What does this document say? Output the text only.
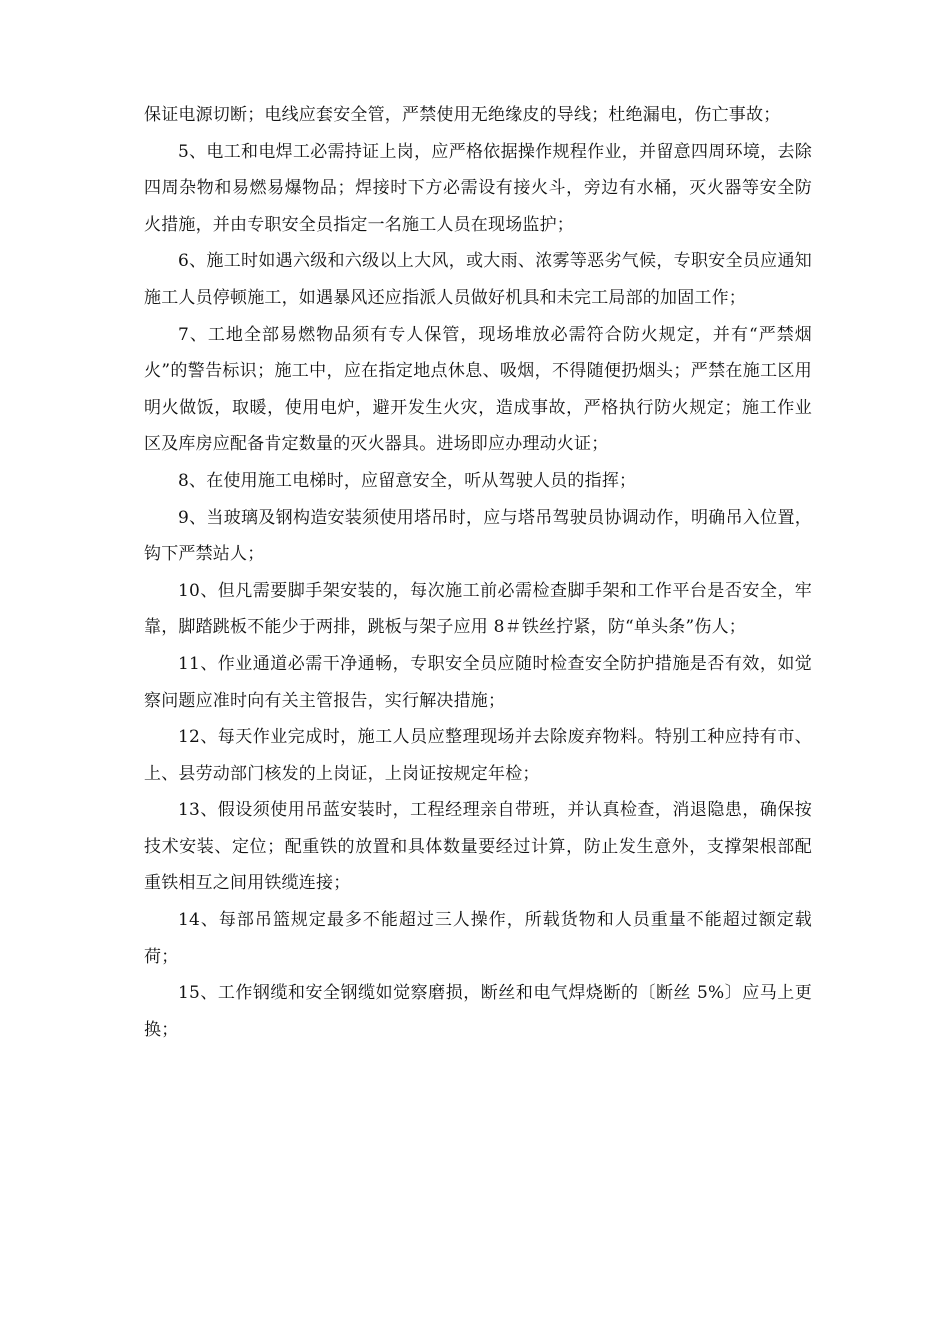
保证电源切断；电线应套安全管，严禁使用无绝缘皮的导线；杜绝漏电，伤亡事故；

5、电工和电焊工必需持证上岗，应严格依据操作规程作业，并留意四周环境，去除四周杂物和易燃易爆物品；焊接时下方必需设有接火斗，旁边有水桶，灭火器等安全防火措施，并由专职安全员指定一名施工人员在现场监护；

6、施工时如遇六级和六级以上大风，或大雨、浓雾等恶劣气候，专职安全员应通知施工人员停顿施工，如遇暴风还应指派人员做好机具和未完工局部的加固工作；

7、工地全部易燃物品须有专人保管，现场堆放必需符合防火规定，并有“严禁烟火”的警告标识；施工中，应在指定地点休息、吸烟，不得随便扔烟头；严禁在施工区用明火做饭，取暖，使用电炉，避开发生火灾，造成事故，严格执行防火规定；施工作业区及库房应配备肯定数量的灭火器具。进场即应办理动火证；

8、在使用施工电梯时，应留意安全，听从驾驶人员的指挥；

9、当玻璃及钢构造安装须使用塔吊时，应与塔吊驾驶员协调动作，明确吊入位置，钩下严禁站人；

10、但凡需要脚手架安装的，每次施工前必需检查脚手架和工作平台是否安全，牢靠，脚踏跳板不能少于两排，跳板与架子应用 8＃铁丝拧紧，防“单头条”伤人；

11、作业通道必需干净通畅，专职安全员应随时检查安全防护措施是否有效，如觉察问题应准时向有关主管报告，实行解决措施；

12、每天作业完成时，施工人员应整理现场并去除废弃物料。特别工种应持有市、上、县劳动部门核发的上岗证，上岗证按规定年检；

13、假设须使用吊蓝安装时，工程经理亲自带班，并认真检查，消退隐患，确保按技术安装、定位；配重铁的放置和具体数量要经过计算，防止发生意外，支撑架根部配重铁相互之间用铁缆连接；

14、每部吊篮规定最多不能超过三人操作，所载货物和人员重量不能超过额定载荷；

15、工作钢缆和安全钢缆如觉察磨损，断丝和电气焊烧断的〔断丝 5%〕应马上更换；
